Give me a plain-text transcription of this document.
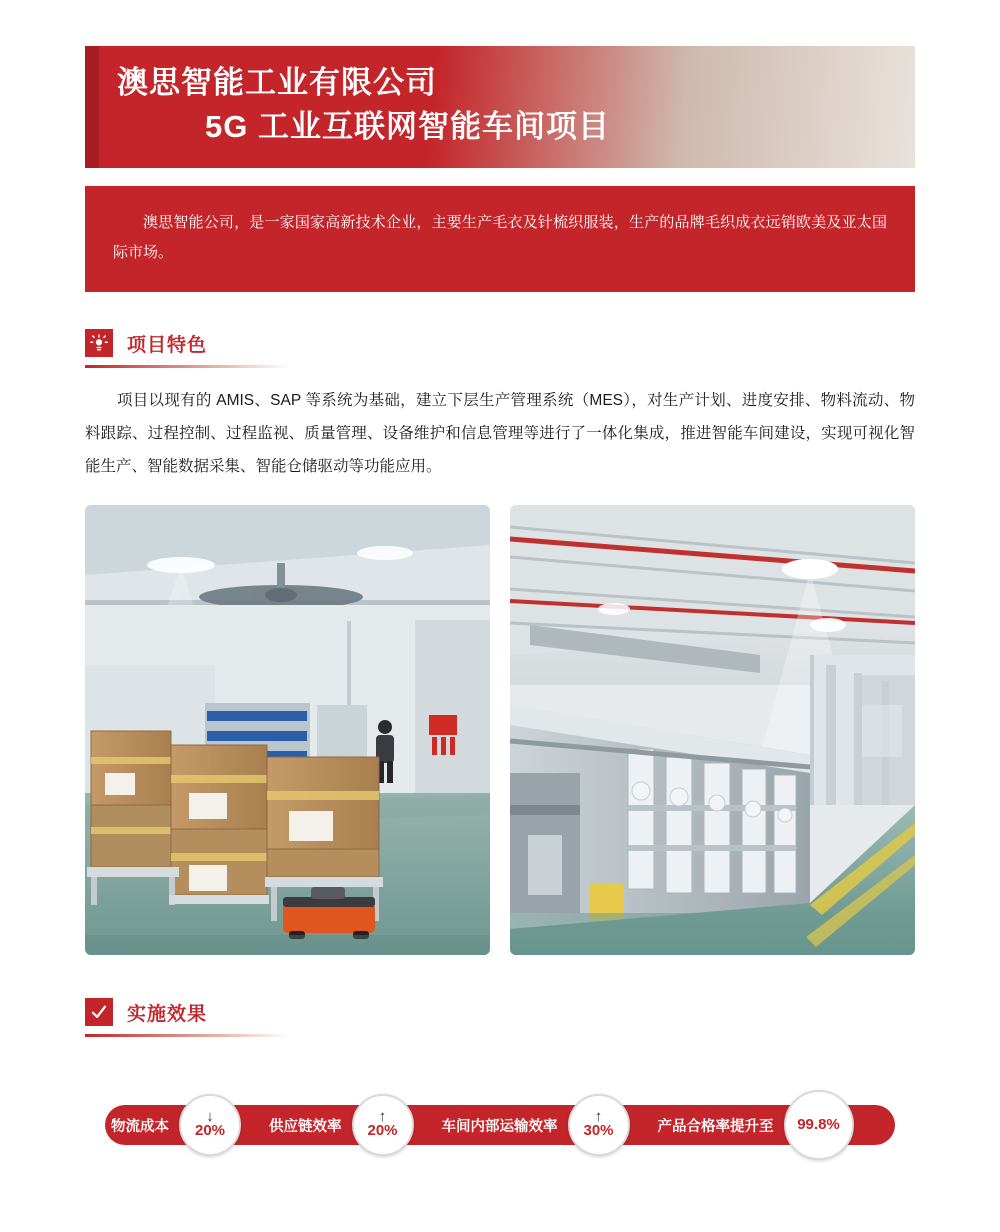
澳思智能工业有限公司
5G 工业互联网智能车间项目

澳思智能公司，是一家国家高新技术企业，主要生产毛衣及针梳织服装，生产的品牌毛织成衣远销欧美及亚太国际市场。

项目特色

项目以现有的 AMIS、SAP 等系统为基础，建立下层生产管理系统（MES），对生产计划、进度安排、物料流动、物料跟踪、过程控制、过程监视、质量管理、设备维护和信息管理等进行了一体化集成，推进智能车间建设，实现可视化智能生产、智能数据采集、智能仓储驱动等功能应用。

实施效果
物流成本
↓
20%	供应链效率
↑
20%	车间内部运输效率
↑
30%	产品合格率提升至	99.8%
